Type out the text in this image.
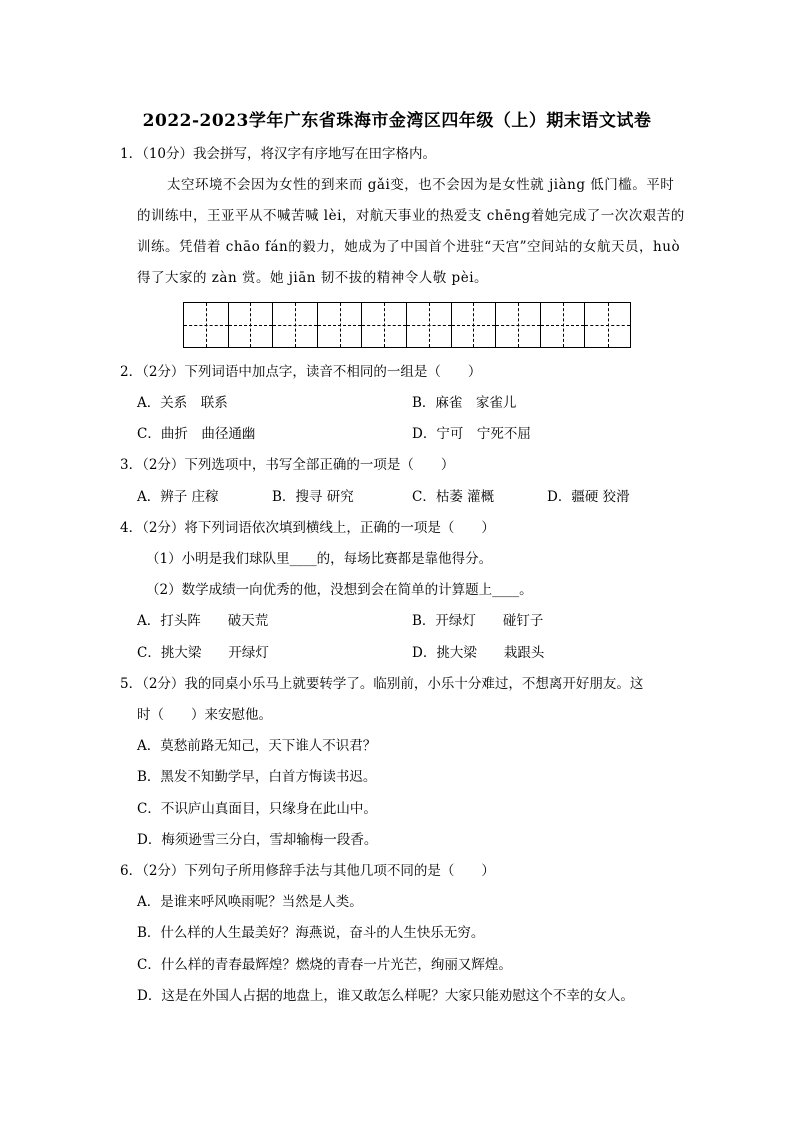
2022-2023学年广东省珠海市金湾区四年级（上）期末语文试卷
1．（10分）我会拼写，将汉字有序地写在田字格内。
太空环境不会因为女性的到来而 gǎi变，也不会因为是女性就 jiàng 低门槛。平时
的训练中，王亚平从不喊苦喊 lèi，对航天事业的热爱支 chēng着她完成了一次次艰苦的
训练。凭借着 chāo fán的毅力，她成为了中国首个进驻“天宫”空间站的女航天员，huò
得了大家的 zàn 赏。她 jiān 韧不拔的精神令人敬 pèi。
2．（2分）下列词语中加点字，读音不相同的一组是（　　）
A．关系　联系	B．麻雀　家雀儿
C．曲折　曲径通幽	D．宁可　宁死不屈
3．（2分）下列选项中，书写全部正确的一项是（　　）
A．辨子 庄稼	B．搜寻 研究	C．枯萎 灌概	D．疆硬 狡滑
4．（2分）将下列词语依次填到横线上，正确的一项是（　　）
（1）小明是我们球队里____的，每场比赛都是靠他得分。
（2）数学成绩一向优秀的他，没想到会在简单的计算题上____。
A．打头阵　　破天荒	B．开绿灯　　碰钉子
C．挑大梁　　开绿灯	D．挑大梁　　栽跟头
5．（2分）我的同桌小乐马上就要转学了。临别前，小乐十分难过，不想离开好朋友。这
时（　　）来安慰他。
A．莫愁前路无知己，天下谁人不识君？
B．黑发不知勤学早，白首方悔读书迟。
C．不识庐山真面目，只缘身在此山中。
D．梅须逊雪三分白，雪却输梅一段香。
6．（2分）下列句子所用修辞手法与其他几项不同的是（　　）
A．是谁来呼风唤雨呢？当然是人类。
B．什么样的人生最美好？海燕说，奋斗的人生快乐无穷。
C．什么样的青春最辉煌？燃烧的青春一片光芒，绚丽又辉煌。
D．这是在外国人占据的地盘上，谁又敢怎么样呢？大家只能劝慰这个不幸的女人。
